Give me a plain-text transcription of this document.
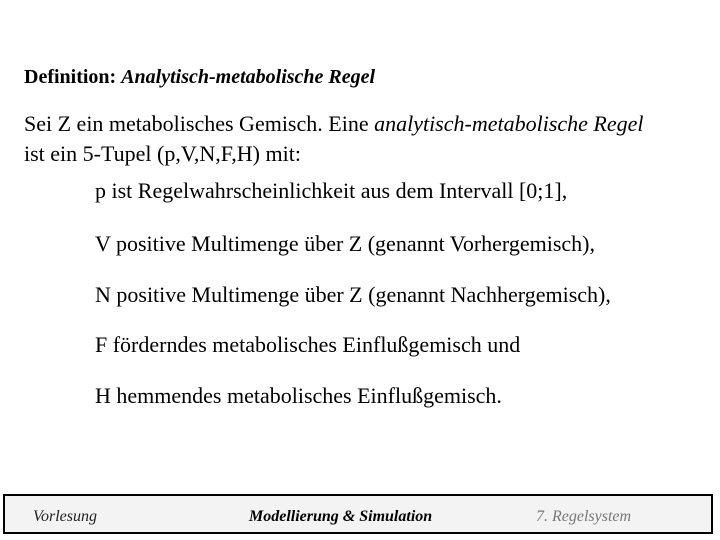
Definition: Analytisch-metabolische Regel
Sei Z ein metabolisches Gemisch. Eine analytisch-metabolische Regel
ist ein 5-Tupel (p,V,N,F,H) mit:
p ist Regelwahrscheinlichkeit aus dem Intervall [0;1],
V positive Multimenge über Z (genannt Vorhergemisch),
N positive Multimenge über Z (genannt Nachhergemisch),
F förderndes metabolisches Einflußgemisch und
H hemmendes metabolisches Einflußgemisch.
Vorlesung	Modellierung & Simulation	7. Regelsystem
